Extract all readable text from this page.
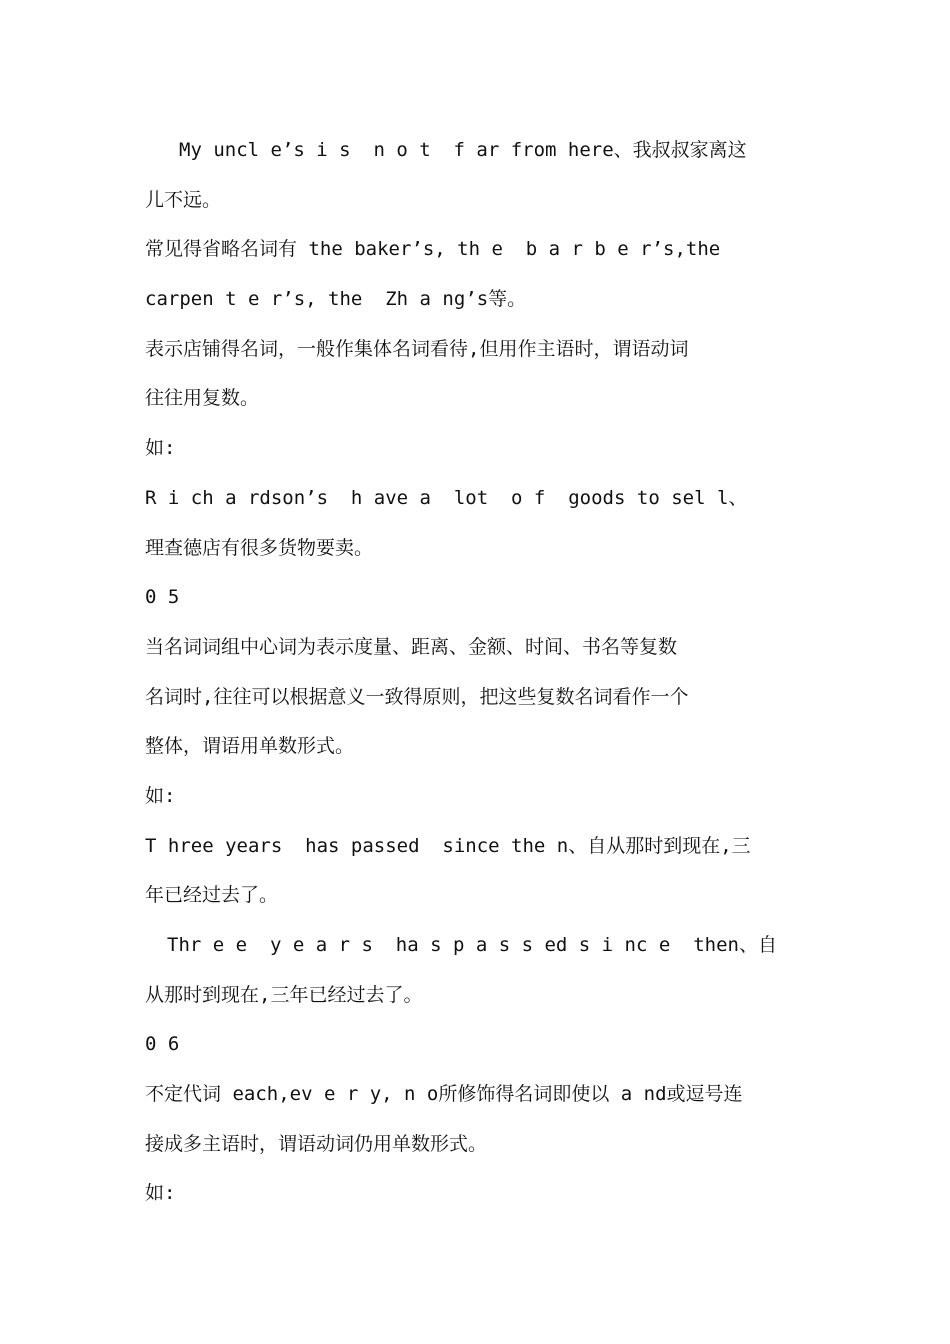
My uncl e’s i s  n o t  f ar from here、我叔叔家离这
儿不远。
常见得省略名词有 the baker’s, th e  b a r b e r’s,the
carpen t e r’s, the  Zh a ng’s等。
表示店铺得名词，一般作集体名词看待,但用作主语时，谓语动词
往往用复数。
如:
R i ch a rdson’s  h ave a  lot  o f  goods to sel l、
理查德店有很多货物要卖。
0 5
当名词词组中心词为表示度量、距离、金额、时间、书名等复数
名词时,往往可以根据意义一致得原则，把这些复数名词看作一个
整体，谓语用单数形式。
如:
T hree years  has passed  since the n、自从那时到现在,三
年已经过去了。
Thr e e  y e a r s  ha s p a s s ed s i nc e  then、自
从那时到现在,三年已经过去了。
0 6
不定代词 each,ev e r y, n o所修饰得名词即使以 a nd或逗号连
接成多主语时，谓语动词仍用单数形式。
如:
